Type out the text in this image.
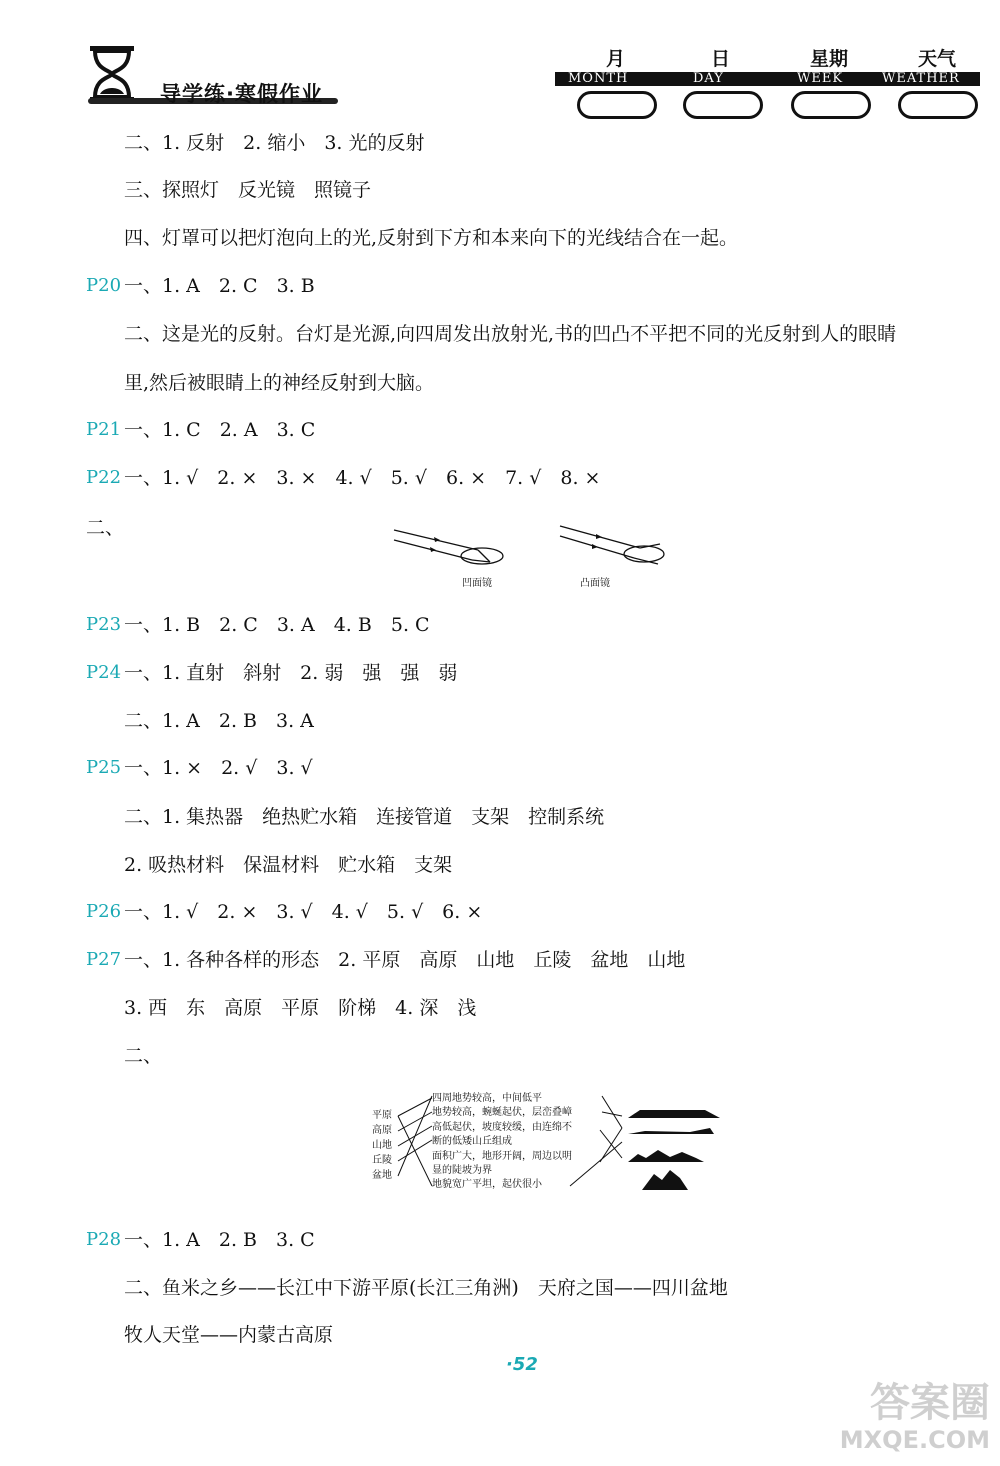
导学练·寒假作业
月	日	星期	天气
MONTH	DAY	WEEK	WEATHER
二、1. 反射　2. 缩小　3. 光的反射
三、探照灯　反光镜　照镜子
四、灯罩可以把灯泡向上的光,反射到下方和本来向下的光线结合在一起。
P20 一、1. A　2. C　3. B
二、这是光的反射。台灯是光源,向四周发出放射光,书的凹凸不平把不同的光反射到人的眼睛
里,然后被眼睛上的神经反射到大脑。
P21 一、1. C　2. A　3. C
P22 一、1. √　2. ×　3. ×　4. √　5. √　6. ×　7. √　8. ×
二、
凹面镜	凸面镜
P23 一、1. B　2. C　3. A　4. B　5. C
P24 一、1. 直射　斜射　2. 弱　强　强　弱
二、1. A　2. B　3. A
P25 一、1. ×　2. √　3. √
二、1. 集热器　绝热贮水箱　连接管道　支架　控制系统
2. 吸热材料　保温材料　贮水箱　支架
P26 一、1. √　2. ×　3. √　4. √　5. √　6. ×
P27 一、1. 各种各样的形态　2. 平原　高原　山地　丘陵　盆地　山地
3. 西　东　高原　平原　阶梯　4. 深　浅
二、
平原
高原
山地
丘陵
盆地
四周地势较高，中间低平
地势较高，蜿蜒起伏，层峦叠嶂
高低起伏，坡度较缓，由连绵不
断的低矮山丘组成
面积广大，地形开阔，周边以明
显的陡坡为界
地貌宽广平坦，起伏很小
P28 一、1. A　2. B　3. C
二、鱼米之乡——长江中下游平原(长江三角洲)　天府之国——四川盆地
牧人天堂——内蒙古高原
·52
答案圈
MXQE.COM
